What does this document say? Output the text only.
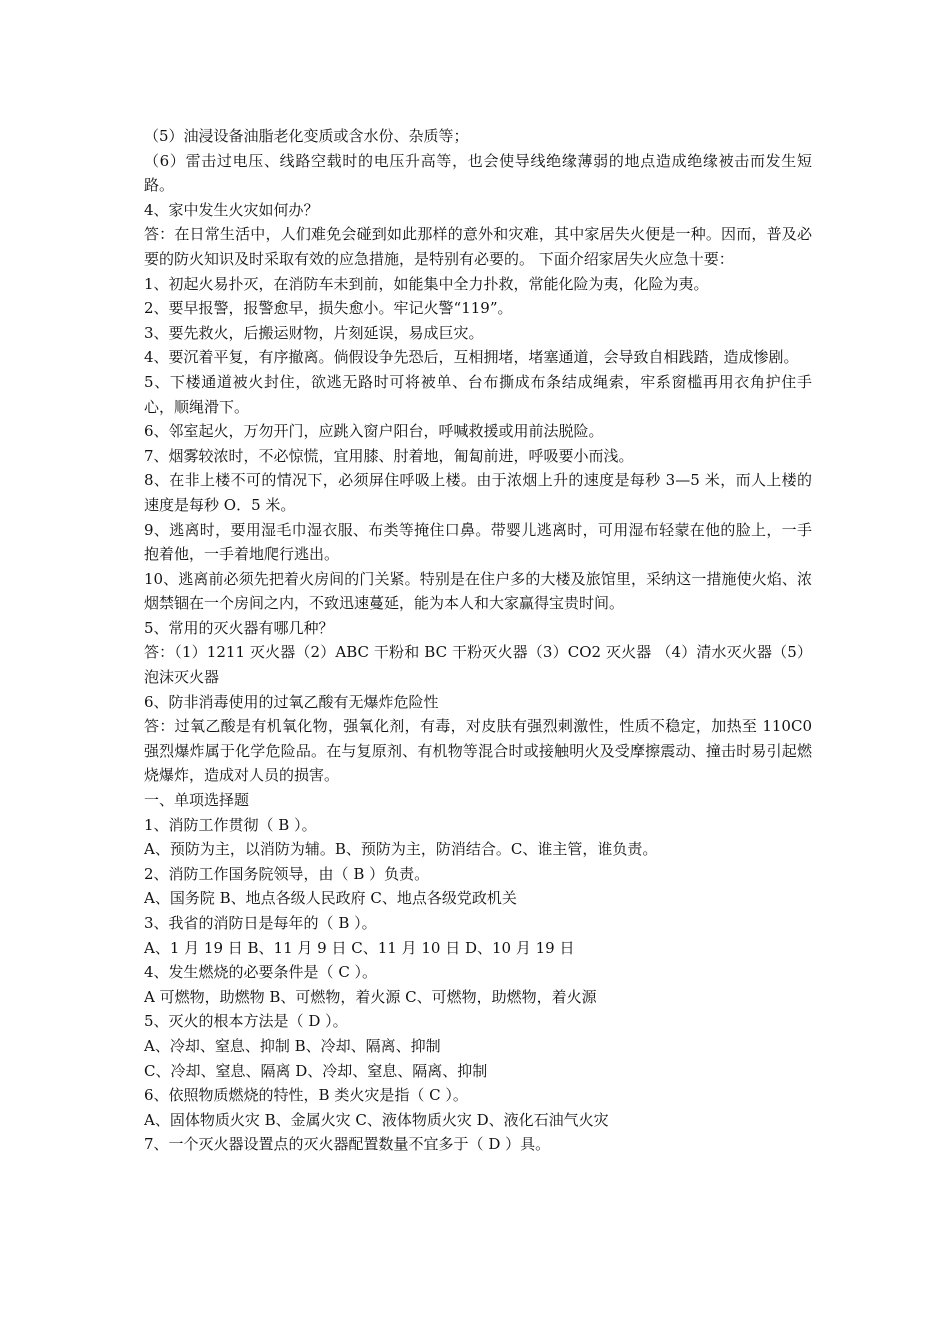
（5）油浸设备油脂老化变质或含水份、杂质等；

（6）雷击过电压、线路空载时的电压升高等，也会使导线绝缘薄弱的地点造成绝缘被击而发生短路。

4、家中发生火灾如何办？

答：在日常生活中，人们难免会碰到如此那样的意外和灾难，其中家居失火便是一种。因而，普及必要的防火知识及时采取有效的应急措施，是特别有必要的。 下面介绍家居失火应急十要：

1、初起火易扑灭，在消防车未到前，如能集中全力扑救，常能化险为夷，化险为夷。

2、要早报警，报警愈早，损失愈小。牢记火警“119”。

3、要先救火，后搬运财物，片刻延误，易成巨灾。

4、要沉着平复，有序撤离。倘假设争先恐后，互相拥堵，堵塞通道，会导致自相践踏，造成惨剧。

5、下楼通道被火封住，欲逃无路时可将被单、台布撕成布条结成绳索，牢系窗槛再用衣角护住手心，顺绳滑下。

6、邻室起火，万勿开门，应跳入窗户阳台，呼喊救援或用前法脱险。

7、烟雾较浓时，不必惊慌，宜用膝、肘着地，匍匐前进，呼吸要小而浅。

8、在非上楼不可的情况下，必须屏住呼吸上楼。由于浓烟上升的速度是每秒 3—5 米，而人上楼的速度是每秒 O．5 米。

9、逃离时，要用湿毛巾湿衣服、布类等掩住口鼻。带婴儿逃离时，可用湿布轻蒙在他的脸上，一手抱着他，一手着地爬行逃出。

10、逃离前必须先把着火房间的门关紧。特别是在住户多的大楼及旅馆里，采纳这一措施使火焰、浓烟禁锢在一个房间之内，不致迅速蔓延，能为本人和大家赢得宝贵时间。

5、常用的灭火器有哪几种？

答：（1）1211 灭火器（2）ABC 干粉和 BC 干粉灭火器（3）CO2 灭火器 （4）清水灭火器（5）泡沫灭火器

6、防非消毒使用的过氧乙酸有无爆炸危险性

答：过氧乙酸是有机氧化物，强氧化剂，有毒，对皮肤有强烈刺激性，性质不稳定，加热至 110C0 强烈爆炸属于化学危险品。在与复原剂、有机物等混合时或接触明火及受摩擦震动、撞击时易引起燃烧爆炸，造成对人员的损害。

一、单项选择题

1、消防工作贯彻（ B ）。

A、预防为主，以消防为辅。B、预防为主，防消结合。C、谁主管，谁负责。

2、消防工作国务院领导，由（ B ）负责。

A、国务院 B、地点各级人民政府 C、地点各级党政机关

3、我省的消防日是每年的（ B ）。

A、1 月 19 日 B、11 月 9 日 C、11 月 10 日 D、10 月 19 日

4、发生燃烧的必要条件是（ C ）。

A 可燃物，助燃物 B、可燃物，着火源 C、可燃物，助燃物，着火源

5、灭火的根本方法是（ D ）。

A、冷却、窒息、抑制 B、冷却、隔离、抑制

C、冷却、窒息、隔离 D、冷却、窒息、隔离、抑制

6、依照物质燃烧的特性，B 类火灾是指（ C ）。

A、固体物质火灾 B、金属火灾 C、液体物质火灾 D、液化石油气火灾

7、一个灭火器设置点的灭火器配置数量不宜多于（ D ）具。
